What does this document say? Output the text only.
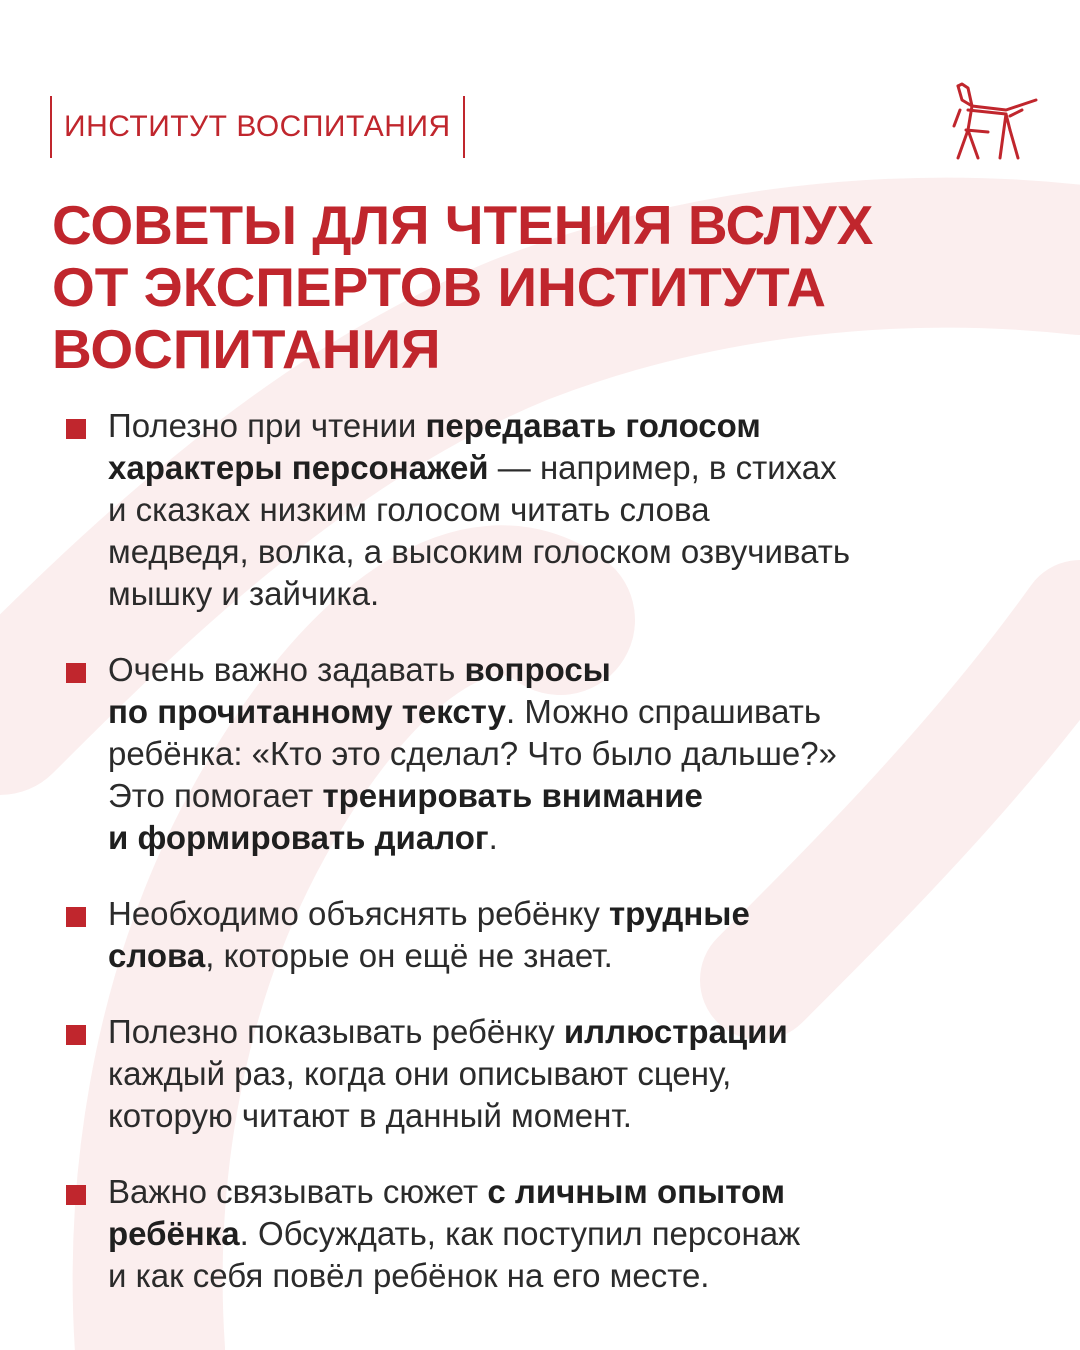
ИНСТИТУТ ВОСПИТАНИЯ
СОВЕТЫ ДЛЯ ЧТЕНИЯ ВСЛУХ
ОТ ЭКСПЕРТОВ ИНСТИТУТА
ВОСПИТАНИЯ
Полезно при чтении передавать голосом
характеры персонажей — например, в стихах
и сказках низким голосом читать слова
медведя, волка, а высоким голоском озвучивать
мышку и зайчика.
Очень важно задавать вопросы
по прочитанному тексту. Можно спрашивать
ребёнка: «Кто это сделал? Что было дальше?»
Это помогает тренировать внимание
и формировать диалог.
Необходимо объяснять ребёнку трудные
слова, которые он ещё не знает.
Полезно показывать ребёнку иллюстрации
каждый раз, когда они описывают сцену,
которую читают в данный момент.
Важно связывать сюжет с личным опытом
ребёнка. Обсуждать, как поступил персонаж
и как себя повёл ребёнок на его месте.
